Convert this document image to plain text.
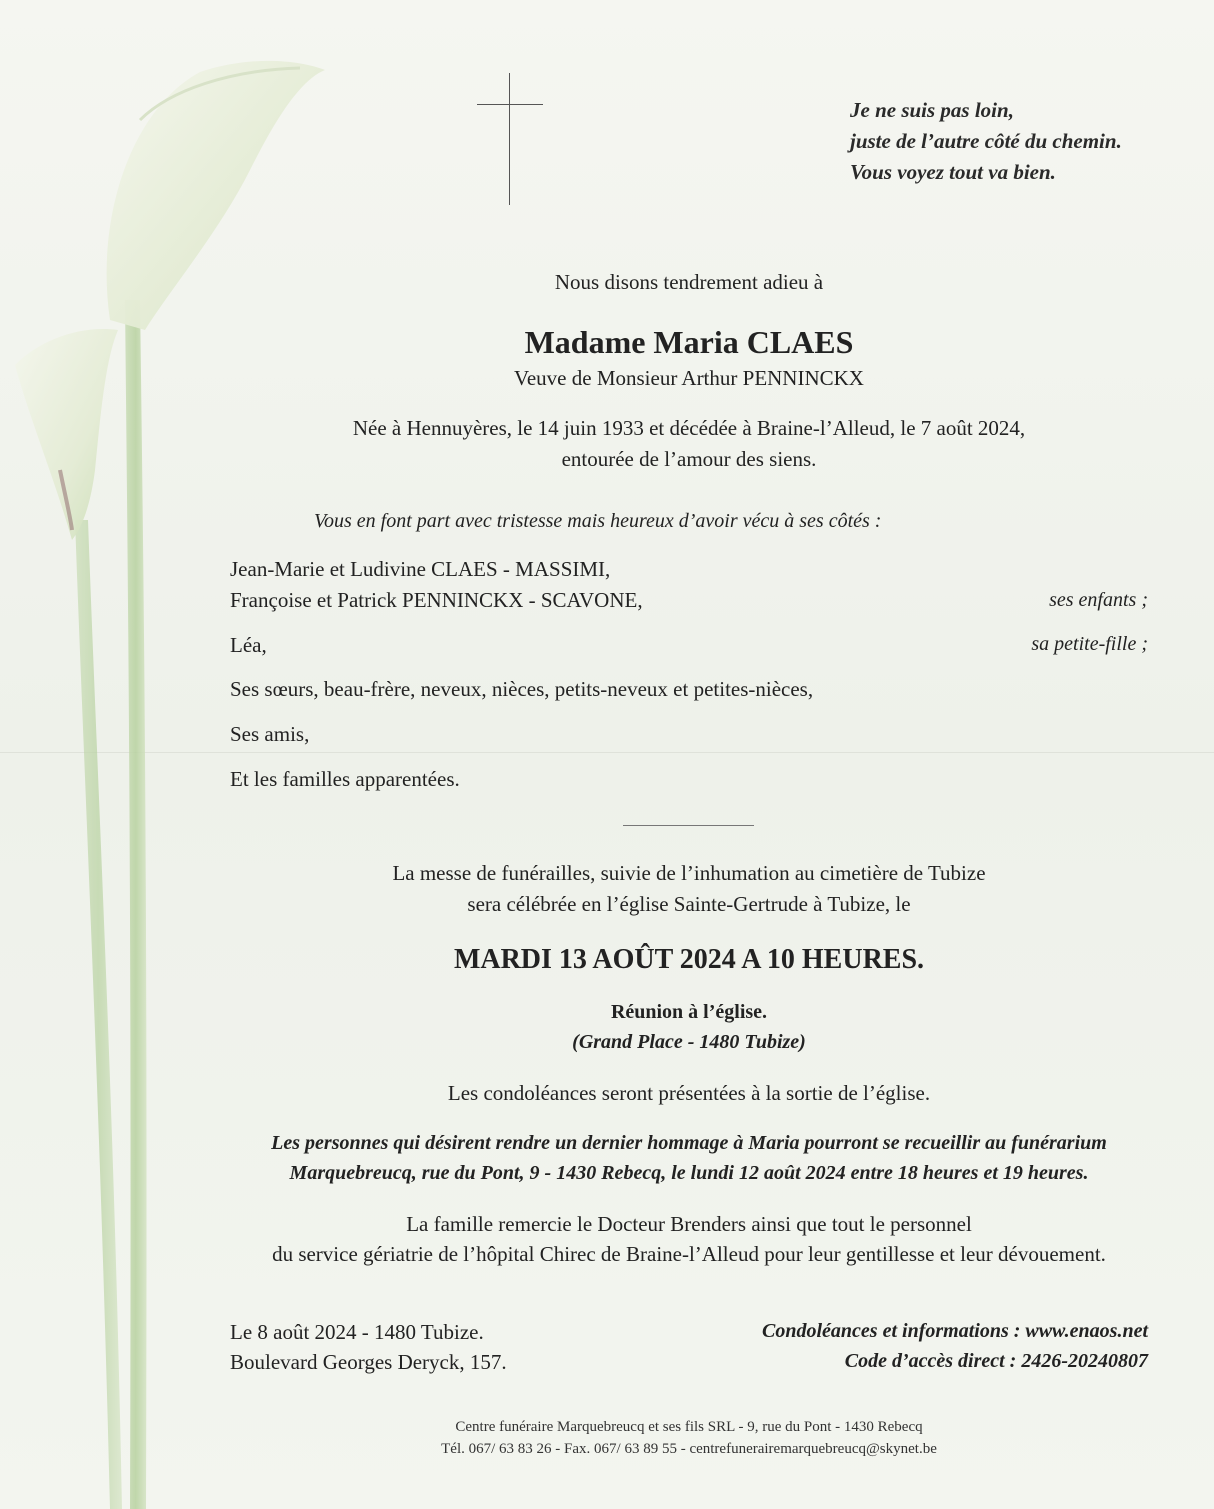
Je ne suis pas loin,
juste de l’autre côté du chemin.
Vous voyez tout va bien.
Nous disons tendrement adieu à
Madame Maria CLAES
Veuve de Monsieur Arthur PENNINCKX
Née à Hennuyères, le 14 juin 1933 et décédée à Braine-l’Alleud, le 7 août 2024,
entourée de l’amour des siens.
Vous en font part avec tristesse mais heureux d’avoir vécu à ses côtés :
Jean-Marie et Ludivine CLAES - MASSIMI,
Françoise et Patrick PENNINCKX - SCAVONE,	ses enfants ;
Léa,	sa petite-fille ;
Ses sœurs, beau-frère, neveux, nièces, petits-neveux et petites-nièces,
Ses amis,
Et les familles apparentées.
La messe de funérailles, suivie de l’inhumation au cimetière de Tubize
sera célébrée en l’église Sainte-Gertrude à Tubize, le
MARDI 13 AOÛT 2024 A 10 HEURES.
Réunion à l’église.
(Grand Place - 1480 Tubize)
Les condoléances seront présentées à la sortie de l’église.
Les personnes qui désirent rendre un dernier hommage à Maria pourront se recueillir au funérarium
Marquebreucq, rue du Pont, 9 - 1430 Rebecq, le lundi 12 août 2024 entre 18 heures et 19 heures.
La famille remercie le Docteur Brenders ainsi que tout le personnel
du service gériatrie de l’hôpital Chirec de Braine-l’Alleud pour leur gentillesse et leur dévouement.
Le 8 août 2024 - 1480 Tubize.
Boulevard Georges Deryck, 157.
Condoléances et informations : www.enaos.net
Code d’accès direct : 2426-20240807
Centre funéraire Marquebreucq et ses fils SRL - 9, rue du Pont - 1430 Rebecq
Tél. 067/ 63 83 26 - Fax. 067/ 63 89 55 - centrefunerairemarquebreucq@skynet.be
